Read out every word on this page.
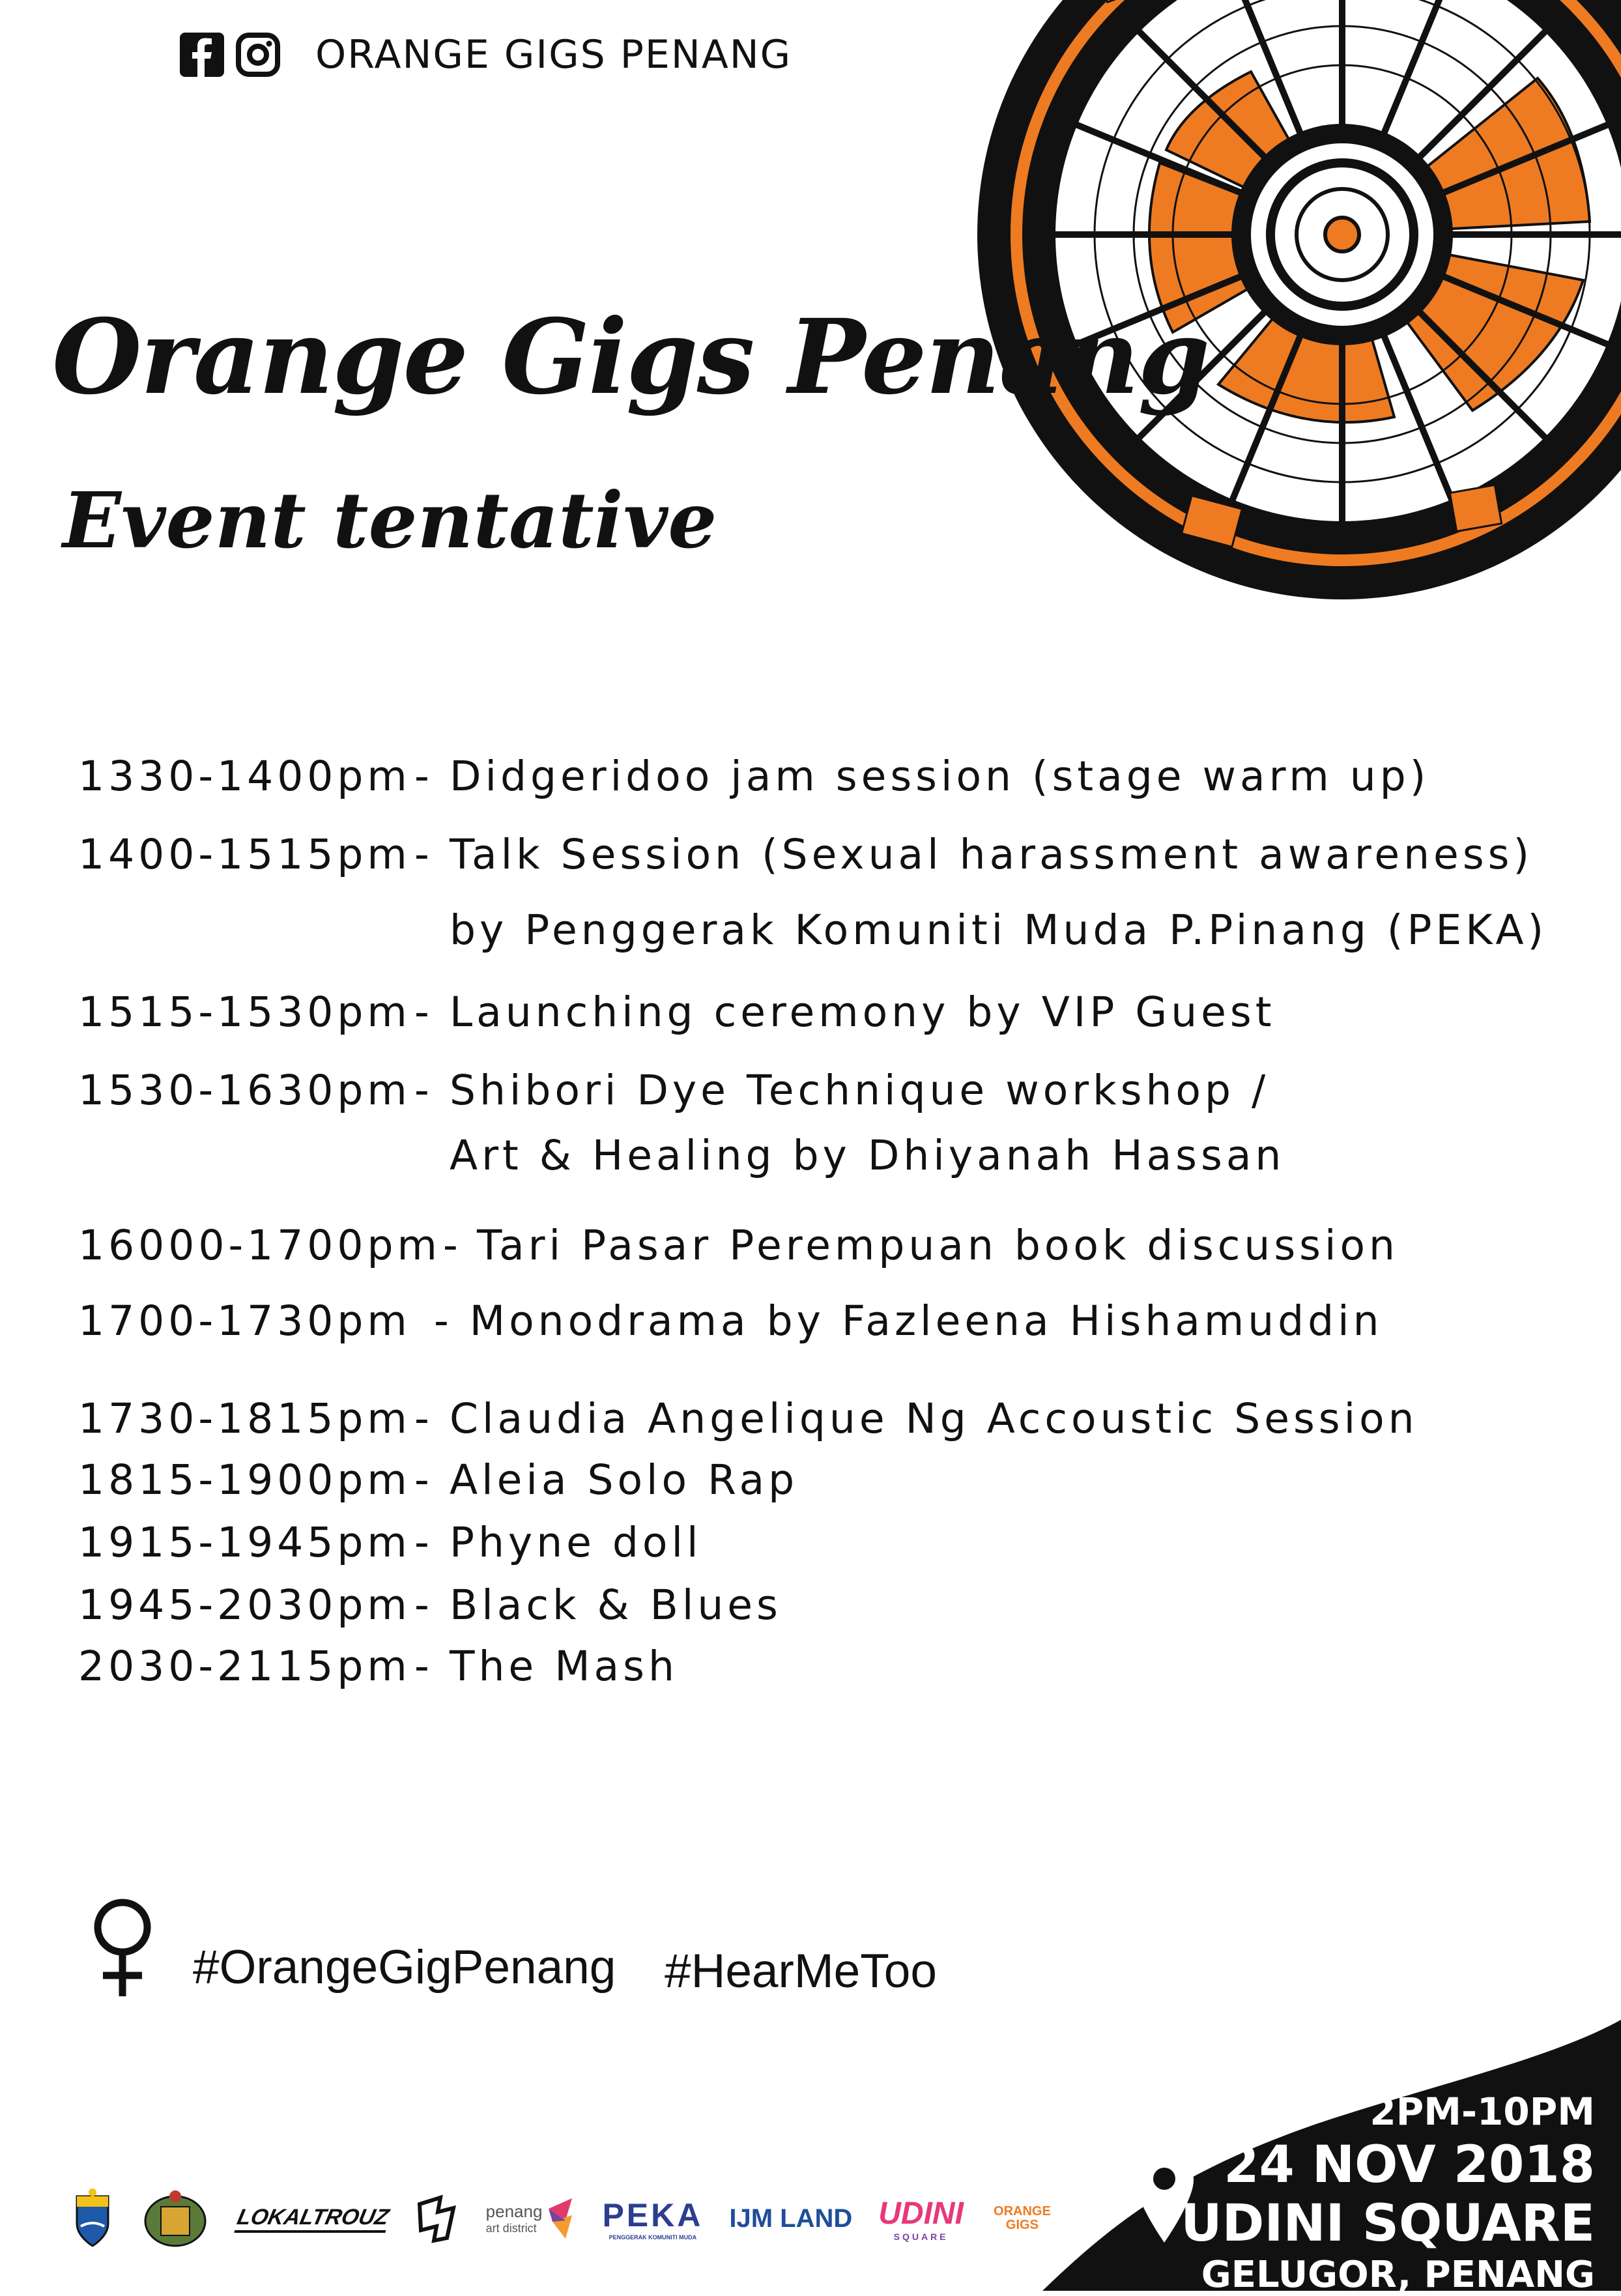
ORANGE GIGS PENANG
Orange Gigs Penang
Event tentative
1330-1400pm - Didgeridoo jam session (stage warm up)
1400-1515pm - Talk Session (Sexual harassment awareness)
by Penggerak Komuniti Muda P.Pinang (PEKA)
1515-1530pm - Launching ceremony by VIP Guest
1530-1630pm - Shibori Dye Technique workshop /
Art & Healing by Dhiyanah Hassan
16000-1700pm - Tari Pasar Perempuan book discussion
1700-1730pm - Monodrama by Fazleena Hishamuddin
1730-1815pm - Claudia Angelique Ng Accoustic Session
1815-1900pm - Aleia Solo Rap
1915-1945pm - Phyne doll
1945-2030pm - Black & Blues
2030-2115pm - The Mash
#OrangeGigPenang #HearMeToo
2PM-10PM
24 NOV 2018
UDINI SQUARE
GELUGOR, PENANG
LOKALTROUZ	penang
art district PEKA
PENGGERAK KOMUNITI MUDA
IJM LAND UDINI
SQUARE
ORANGE GIGS
